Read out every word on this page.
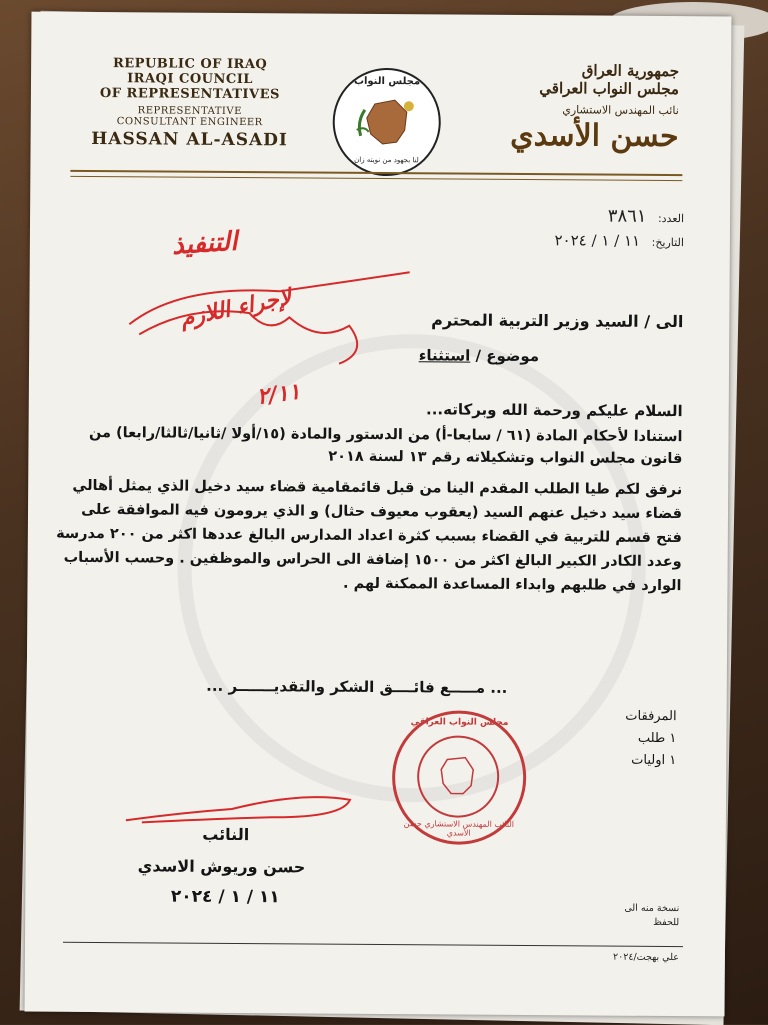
REPUBLIC OF IRAQ
IRAQI COUNCIL
OF REPRESENTATIVES
REPRESENTATIVE
CONSULTANT ENGINEER
HASSAN AL-ASADI
مجلس النواب
لنا بجهود من نويته زان
جمهورية العراق
مجلس النواب العراقي
نائب المهندس الاستشاري
حسن الأسدي
العدد: ٣٨٦١
التاريخ: ١١ / ١ / ٢٠٢٤
التنفيذ
لإجراء اللازم
٢/١١
الى / السيد وزير التربية المحترم
موضوع / استثناء
السلام عليكم ورحمة الله وبركاته...
استنادا لأحكام المادة (٦١ / سابعا-أ) من الدستور والمادة (١٥/أولا /ثانيا/ثالثا/رابعا) من قانون مجلس النواب وتشكيلاته رقم ١٣ لسنة ٢٠١٨
نرفق لكم طيا الطلب المقدم الينا من قبل قائمقامية قضاء سيد دخيل الذي يمثل أهالي قضاء سيد دخيل عنهم السيد (يعقوب معيوف حثال) و الذي يرومون فيه الموافقة على فتح قسم للتربية في القضاء بسبب كثرة اعداد المدارس البالغ عددها اكثر من ٢٠٠ مدرسة وعدد الكادر الكبير البالغ اكثر من ١٥٠٠ إضافة الى الحراس والموظفين . وحسب الأسباب الوارد في طلبهم وابداء المساعدة الممكنة لهم .
... مـــــع فائــــق الشكر والتقديـــــــر ...
المرفقات
١ طلب
١ اوليات
مجلس النواب العراقي
النائب المهندس الاستشاري حسن الأسدي
النائب
حسن وريوش الاسدي
١١ / ١ / ٢٠٢٤
نسخة منه الى
للحفظ
علي بهجت/٢٠٢٤
